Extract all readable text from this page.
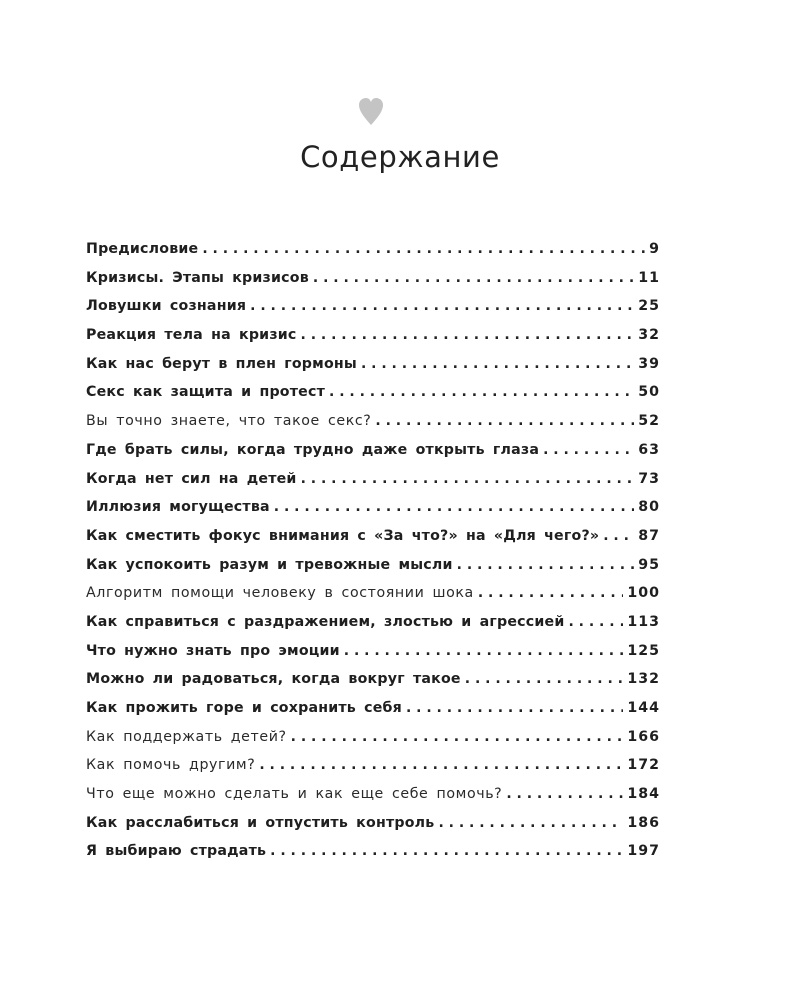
Содержание
Предисловие . . .	9
Кризисы. Этапы кризисов . . .	11
Ловушки сознания . . .	25
Реакция тела на кризис . . .	32
Как нас берут в плен гормоны . . .	39
Секс как защита и протест . . .	50
Вы точно знаете, что такое секс? . . .	52
Где брать силы, когда трудно даже открыть глаза . . .	63
Когда нет сил на детей . . .	73
Иллюзия могущества . . .	80
Как сместить фокус внимания с «За что?» на «Для чего?» . . .	87
Как успокоить разум и тревожные мысли . . .	95
Алгоритм помощи человеку в состоянии шока . . .	100
Как справиться с раздражением, злостью и агрессией . . .	113
Что нужно знать про эмоции . . .	125
Можно ли радоваться, когда вокруг такое . . .	132
Как прожить горе и сохранить себя . . .	144
Как поддержать детей? . . .	166
Как помочь другим? . . .	172
Что еще можно сделать и как еще себе помочь? . . .	184
Как расслабиться и отпустить контроль . . .	186
Я выбираю страдать . . .	197
